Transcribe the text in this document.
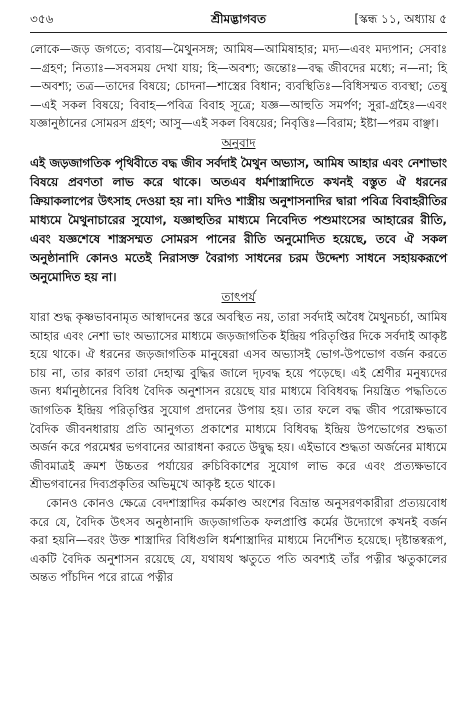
৩৫৬	শ্রীমদ্ভাগবত	[স্কন্ধ ১১, অধ্যায় ৫

লোকে—জড় জগতে; ব্যবায়—মৈথুনসঙ্গ; আমিষ—আমিষাহার; মদ্য—এবং মদ্যপান; সেবাঃ—গ্রহণ; নিত্যাঃ—সবসময় দেখা যায়; হি—অবশ্য; জন্তোঃ—বদ্ধ জীবদের মধ্যে; ন—না; হি—অবশ্য; তত্র—তাদের বিষয়ে; চোদনা—শাস্ত্রের বিধান; ব্যবস্থিতিঃ—বিধিসম্মত ব্যবস্থা; তেষু—এই সকল বিষয়ে; বিবাহ—পবিত্র বিবাহ সূত্রে; যজ্ঞ—আহুতি সমর্পণ; সুরা-গ্রহৈঃ—এবং যজ্ঞানুষ্ঠানের সোমরস গ্রহণ; আসু—এই সকল বিষয়ের; নিবৃত্তিঃ—বিরাম; ইষ্টা—পরম বাঞ্ছা।

অনুবাদ

এই জড়জাগতিক পৃথিবীতে বদ্ধ জীব সর্বদাই মৈথুন অভ্যাস, আমিষ আহার এবং নেশাভাং বিষয়ে প্রবণতা লাভ করে থাকে। অতএব ধর্মশাস্ত্রাদিতে কখনই বস্তুত ঐ ধরনের ক্রিয়াকলাপের উৎসাহ দেওয়া হয় না। যদিও শাস্ত্রীয় অনুশাসনাদির দ্বারা পবিত্র বিবাহরীতির মাধ্যমে মৈথুনাচারের সুযোগ, যজ্ঞাহুতির মাধ্যমে নিবেদিত পশুমাংসের আহারের রীতি, এবং যজ্ঞশেষে শাস্ত্রসম্মত সোমরস পানের রীতি অনুমোদিত হয়েছে, তবে ঐ সকল অনুষ্ঠানাদি কোনও মতেই নিরাসক্ত বৈরাগ্য সাধনের চরম উদ্দেশ্য সাধনে সহায়করূপে অনুমোদিত হয় না।

তাৎপর্য

যারা শুদ্ধ কৃষ্ণভাবনামৃত আস্বাদনের স্তরে অবস্থিত নয়, তারা সর্বদাই অবৈধ মৈথুনচর্চা, আমিষ আহার এবং নেশা ভাং অভ্যাসের মাধ্যমে জড়জাগতিক ইন্দ্রিয় পরিতৃপ্তির দিকে সর্বদাই আকৃষ্ট হয়ে থাকে। ঐ ধরনের জড়জাগতিক মানুষেরা এসব অভ্যাসই ভোগ-উপভোগ বর্জন করতে চায় না, তার কারণ তারা দেহাত্ম বুদ্ধির জালে দৃঢ়বদ্ধ হয়ে পড়েছে। এই শ্রেণীর মনুষ্যদের জন্য ধর্মানুষ্ঠানের বিবিধ বৈদিক অনুশাসন রয়েছে যার মাধ্যমে বিবিধবদ্ধ নিয়ন্ত্রিত পদ্ধতিতে জাগতিক ইন্দ্রিয় পরিতৃপ্তির সুযোগ প্রদানের উপায় হয়। তার ফলে বদ্ধ জীব পরোক্ষভাবে বৈদিক জীবনধারায় প্রতি আনুগত্য প্রকাশের মাধ্যমে বিধিবদ্ধ ইন্দ্রিয় উপভোগের শুদ্ধতা অর্জন করে পরমেশ্বর ভগবানের আরাধনা করতে উদ্বুদ্ধ হয়। এইভাবে শুদ্ধতা অর্জনের মাধ্যমে জীবমাত্রই ক্রমশ উচ্চতর পর্যায়ের রুচিবিকাশের সুযোগ লাভ করে এবং প্রত্যক্ষভাবে শ্রীভগবানের দিব্যপ্রকৃতির অভিমুখে আকৃষ্ট হতে থাকে।

কোনও কোনও ক্ষেত্রে বেদশাস্ত্রাদির কর্মকাণ্ড অংশের বিভ্রান্ত অনুসরণকারীরা প্রত্যয়বোধ করে যে, বৈদিক উৎসব অনুষ্ঠানাদি জড়জাগতিক ফলপ্রাপ্তি কর্মের উদ্যোগে কখনই বর্জন করা হয়নি—বরং উক্ত শাস্ত্রাদির বিধিগুলি ধর্মশাস্ত্রাদির মাধ্যমে নির্দেশিত হয়েছে। দৃষ্টান্তস্বরূপ, একটি বৈদিক অনুশাসন রয়েছে যে, যথাযথ ঋতুতে পতি অবশ্যই তাঁর পত্নীর ঋতুকালের অন্তত পাঁচদিন পরে রাত্রে পত্নীর
